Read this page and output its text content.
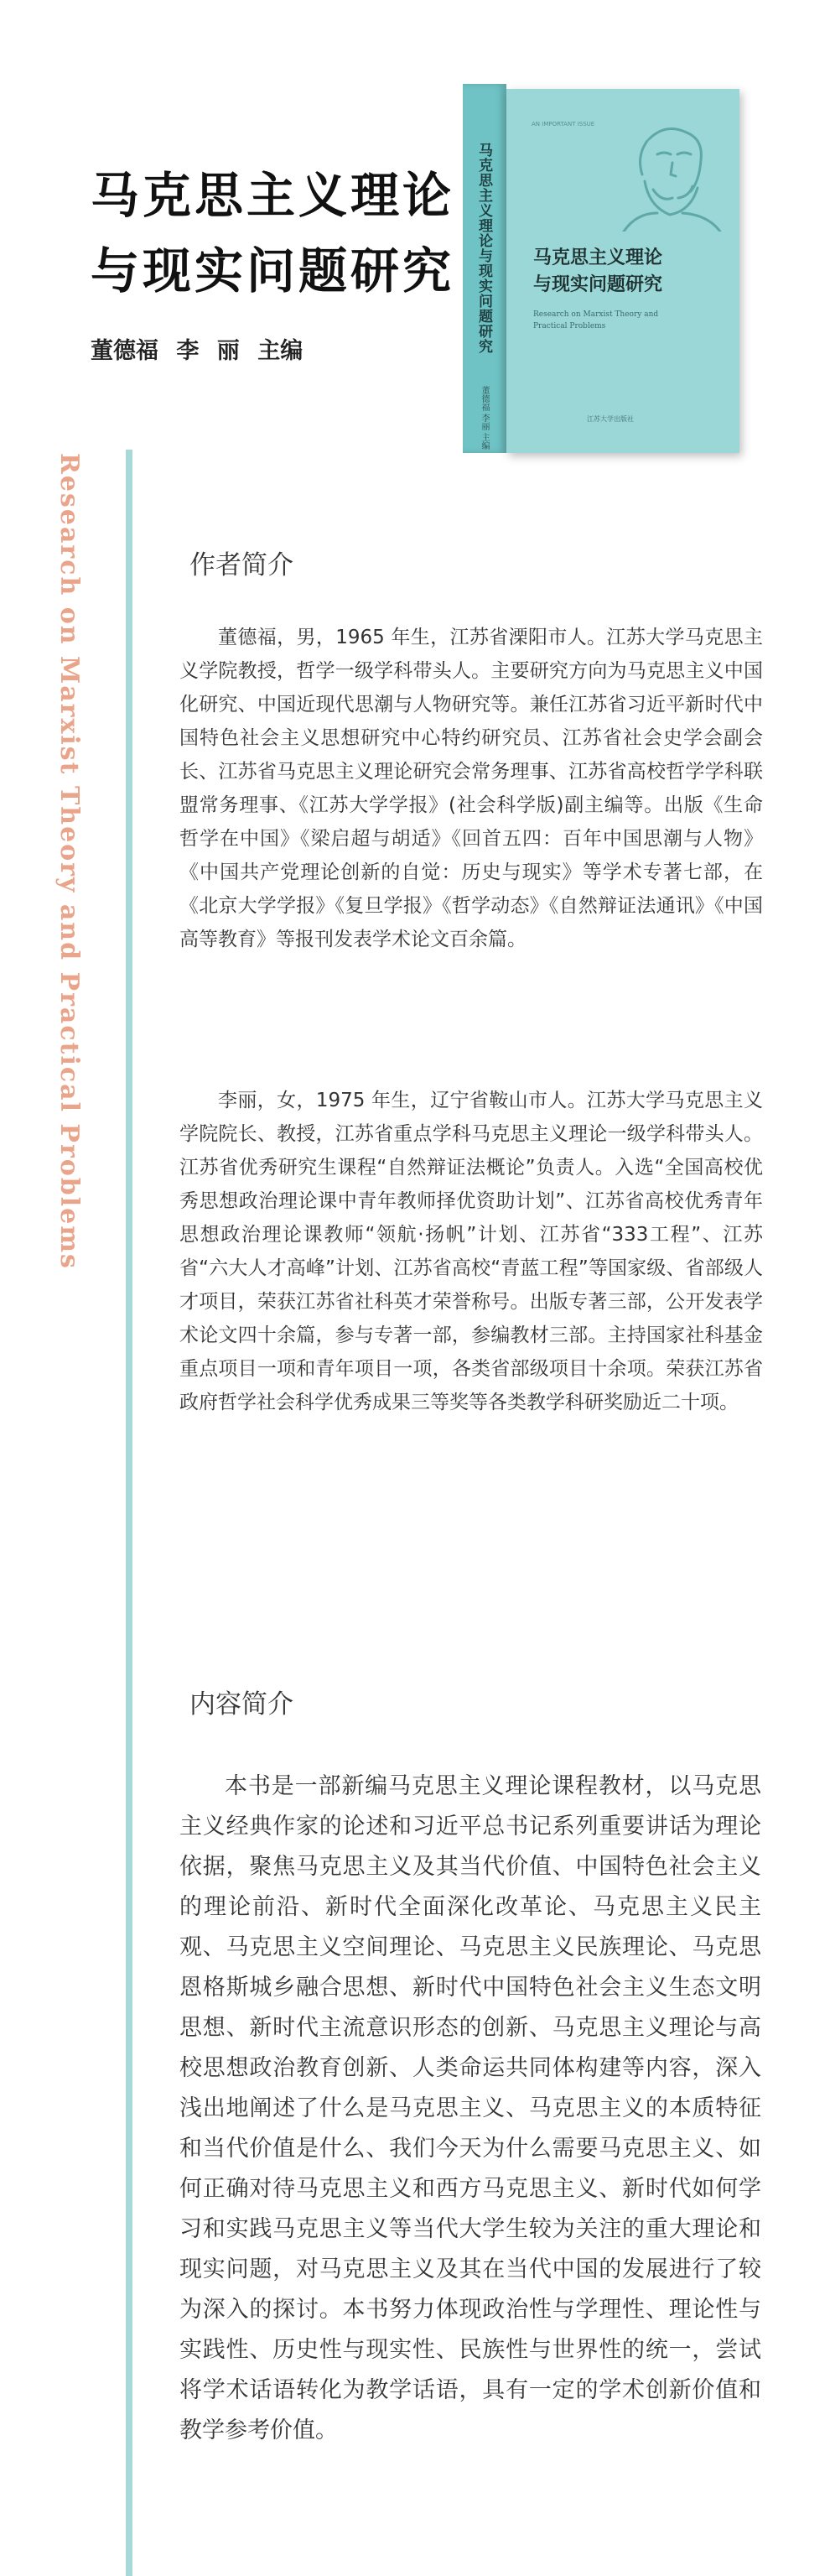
马克思主义理论
与现实问题研究
董德福 李 丽 主编	马克思主义理论与现实问题研究
董德福 李丽 主编
AN IMPORTANT ISSUE
马克思主义理论
与现实问题研究
Research on Marxist Theory and Practical Problems
江苏大学出版社
Research on Marxist Theory and Practical Problems	作者简介

董德福，男，1965 年生，江苏省溧阳市人。江苏大学马克思主义学院教授，哲学一级学科带头人。主要研究方向为马克思主义中国化研究、中国近现代思潮与人物研究等。兼任江苏省习近平新时代中国特色社会主义思想研究中心特约研究员、江苏省社会史学会副会长、江苏省马克思主义理论研究会常务理事、江苏省高校哲学学科联盟常务理事、《江苏大学学报》(社会科学版)副主编等。出版《生命哲学在中国》《梁启超与胡适》《回首五四：百年中国思潮与人物》《中国共产党理论创新的自觉：历史与现实》等学术专著七部，在《北京大学学报》《复旦学报》《哲学动态》《自然辩证法通讯》《中国高等教育》等报刊发表学术论文百余篇。

李丽，女，1975 年生，辽宁省鞍山市人。江苏大学马克思主义学院院长、教授，江苏省重点学科马克思主义理论一级学科带头人。江苏省优秀研究生课程“自然辩证法概论”负责人。入选“全国高校优秀思想政治理论课中青年教师择优资助计划”、江苏省高校优秀青年思想政治理论课教师“领航·扬帆”计划、江苏省“333工程”、江苏省“六大人才高峰”计划、江苏省高校“青蓝工程”等国家级、省部级人才项目，荣获江苏省社科英才荣誉称号。出版专著三部，公开发表学术论文四十余篇，参与专著一部，参编教材三部。主持国家社科基金重点项目一项和青年项目一项，各类省部级项目十余项。荣获江苏省政府哲学社会科学优秀成果三等奖等各类教学科研奖励近二十项。

内容简介

本书是一部新编马克思主义理论课程教材，以马克思主义经典作家的论述和习近平总书记系列重要讲话为理论依据，聚焦马克思主义及其当代价值、中国特色社会主义的理论前沿、新时代全面深化改革论、马克思主义民主观、马克思主义空间理论、马克思主义民族理论、马克思恩格斯城乡融合思想、新时代中国特色社会主义生态文明思想、新时代主流意识形态的创新、马克思主义理论与高校思想政治教育创新、人类命运共同体构建等内容，深入浅出地阐述了什么是马克思主义、马克思主义的本质特征和当代价值是什么、我们今天为什么需要马克思主义、如何正确对待马克思主义和西方马克思主义、新时代如何学习和实践马克思主义等当代大学生较为关注的重大理论和现实问题，对马克思主义及其在当代中国的发展进行了较为深入的探讨。本书努力体现政治性与学理性、理论性与实践性、历史性与现实性、民族性与世界性的统一，尝试将学术话语转化为教学话语，具有一定的学术创新价值和教学参考价值。
